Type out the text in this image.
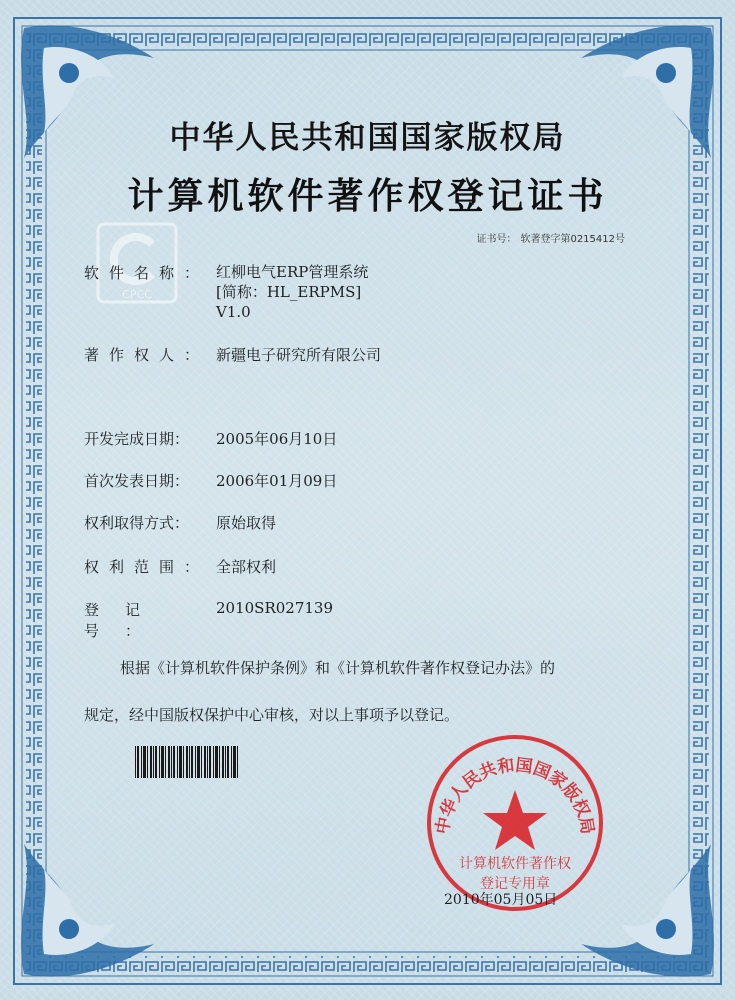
中华人民共和国国家版权局
计算机软件著作权登记证书
证书号： 软著登字第0215412号
CPCC
软件名称： 红柳电气ERP管理系统
[简称：HL_ERPMS]
V1.0
著作权人： 新疆电子研究所有限公司
开发完成日期：	2005年06月10日
首次发表日期：	2006年01月09日
权利取得方式：	原始取得
权利范围： 全部权利
登记号：
2010SR027139
根据《计算机软件保护条例》和《计算机软件著作权登记办法》的
规定，经中国版权保护中心审核，对以上事项予以登记。
中华人民共和国国家版权局
计算机软件著作权
登记专用章
2010年05月05日
